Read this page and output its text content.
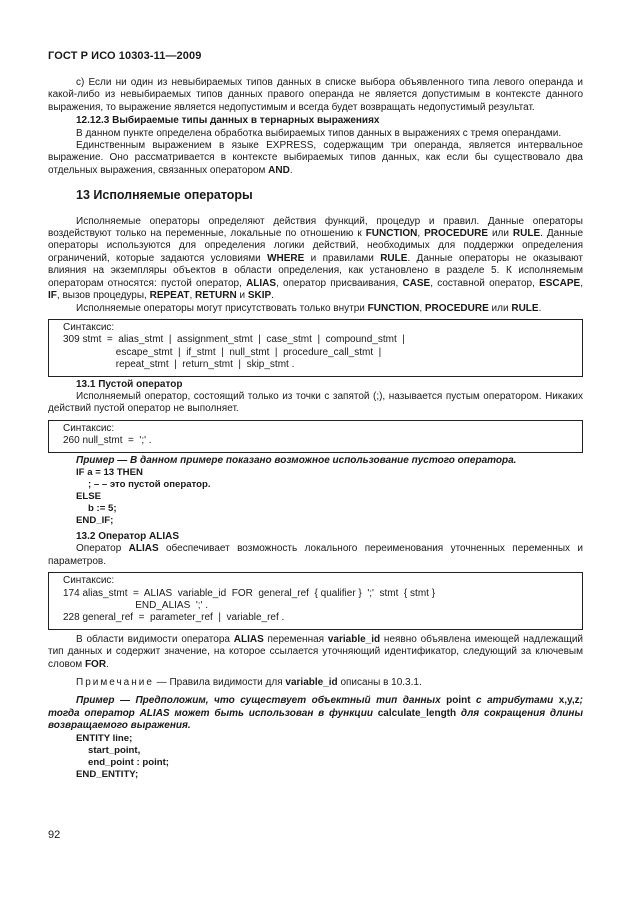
ГОСТ Р ИСО 10303-11—2009

c) Если ни один из невыбираемых типов данных в списке выбора объявленного типа левого операнда и какой-либо из невыбираемых типов данных правого операнда не является допустимым в контексте данного выражения, то выражение является недопустимым и всегда будет возвращать недопустимый результат.

12.12.3 Выбираемые типы данных в тернарных выражениях

В данном пункте определена обработка выбираемых типов данных в выражениях с тремя операндами.

Единственным выражением в языке EXPRESS, содержащим три операнда, является интервальное выражение. Оно рассматривается в контексте выбираемых типов данных, как если бы существовало два отдельных выражения, связанных оператором AND.

13 Исполняемые операторы

Исполняемые операторы определяют действия функций, процедур и правил. Данные операторы воздействуют только на переменные, локальные по отношению к FUNCTION, PROCEDURE или RULE. Данные операторы используются для определения логики действий, необходимых для поддержки определения ограничений, которые задаются условиями WHERE и правилами RULE. Данные операторы не оказывают влияния на экземпляры объектов в области определения, как установлено в разделе 5. К исполняемым операторам относятся: пустой оператор, ALIAS, оператор присваивания, CASE, составной оператор, ESCAPE, IF, вызов процедуры, REPEAT, RETURN и SKIP.

Исполняемые операторы могут присутствовать только внутри FUNCTION, PROCEDURE или RULE.

Синтаксис:
309 stmt  =  alias_stmt  |  assignment_stmt  |  case_stmt  |  compound_stmt  |
escape_stmt  |  if_stmt  |  null_stmt  |  procedure_call_stmt  |
repeat_stmt  |  return_stmt  |  skip_stmt .

13.1 Пустой оператор

Исполняемый оператор, состоящий только из точки с запятой (;), называется пустым оператором. Никаких действий пустой оператор не выполняет.

Синтаксис:
260 null_stmt  =  ';' .

Пример — В данном примере показано возможное использование пустого оператора.

IF a = 13 THEN
; – – это пустой оператор.
ELSE
b := 5;
END_IF;

13.2 Оператор ALIAS

Оператор ALIAS обеспечивает возможность локального переименования уточненных переменных и параметров.

Синтаксис:
174 alias_stmt  =  ALIAS  variable_id  FOR  general_ref  { qualifier }  ';'  stmt  { stmt }
END_ALIAS  ';' .
228 general_ref  =  parameter_ref  |  variable_ref .

В области видимости оператора ALIAS переменная variable_id неявно объявлена имеющей надлежащий тип данных и содержит значение, на которое ссылается уточняющий идентификатор, следующий за ключевым словом FOR.

Примечание — Правила видимости для variable_id описаны в 10.3.1.

Пример — Предположим, что существует объектный тип данных point с атрибутами x,y,z; тогда оператор ALIAS может быть использован в функции calculate_length для сокращения длины возвращаемого выражения.

ENTITY line;
start_point,
end_point : point;
END_ENTITY;
92
